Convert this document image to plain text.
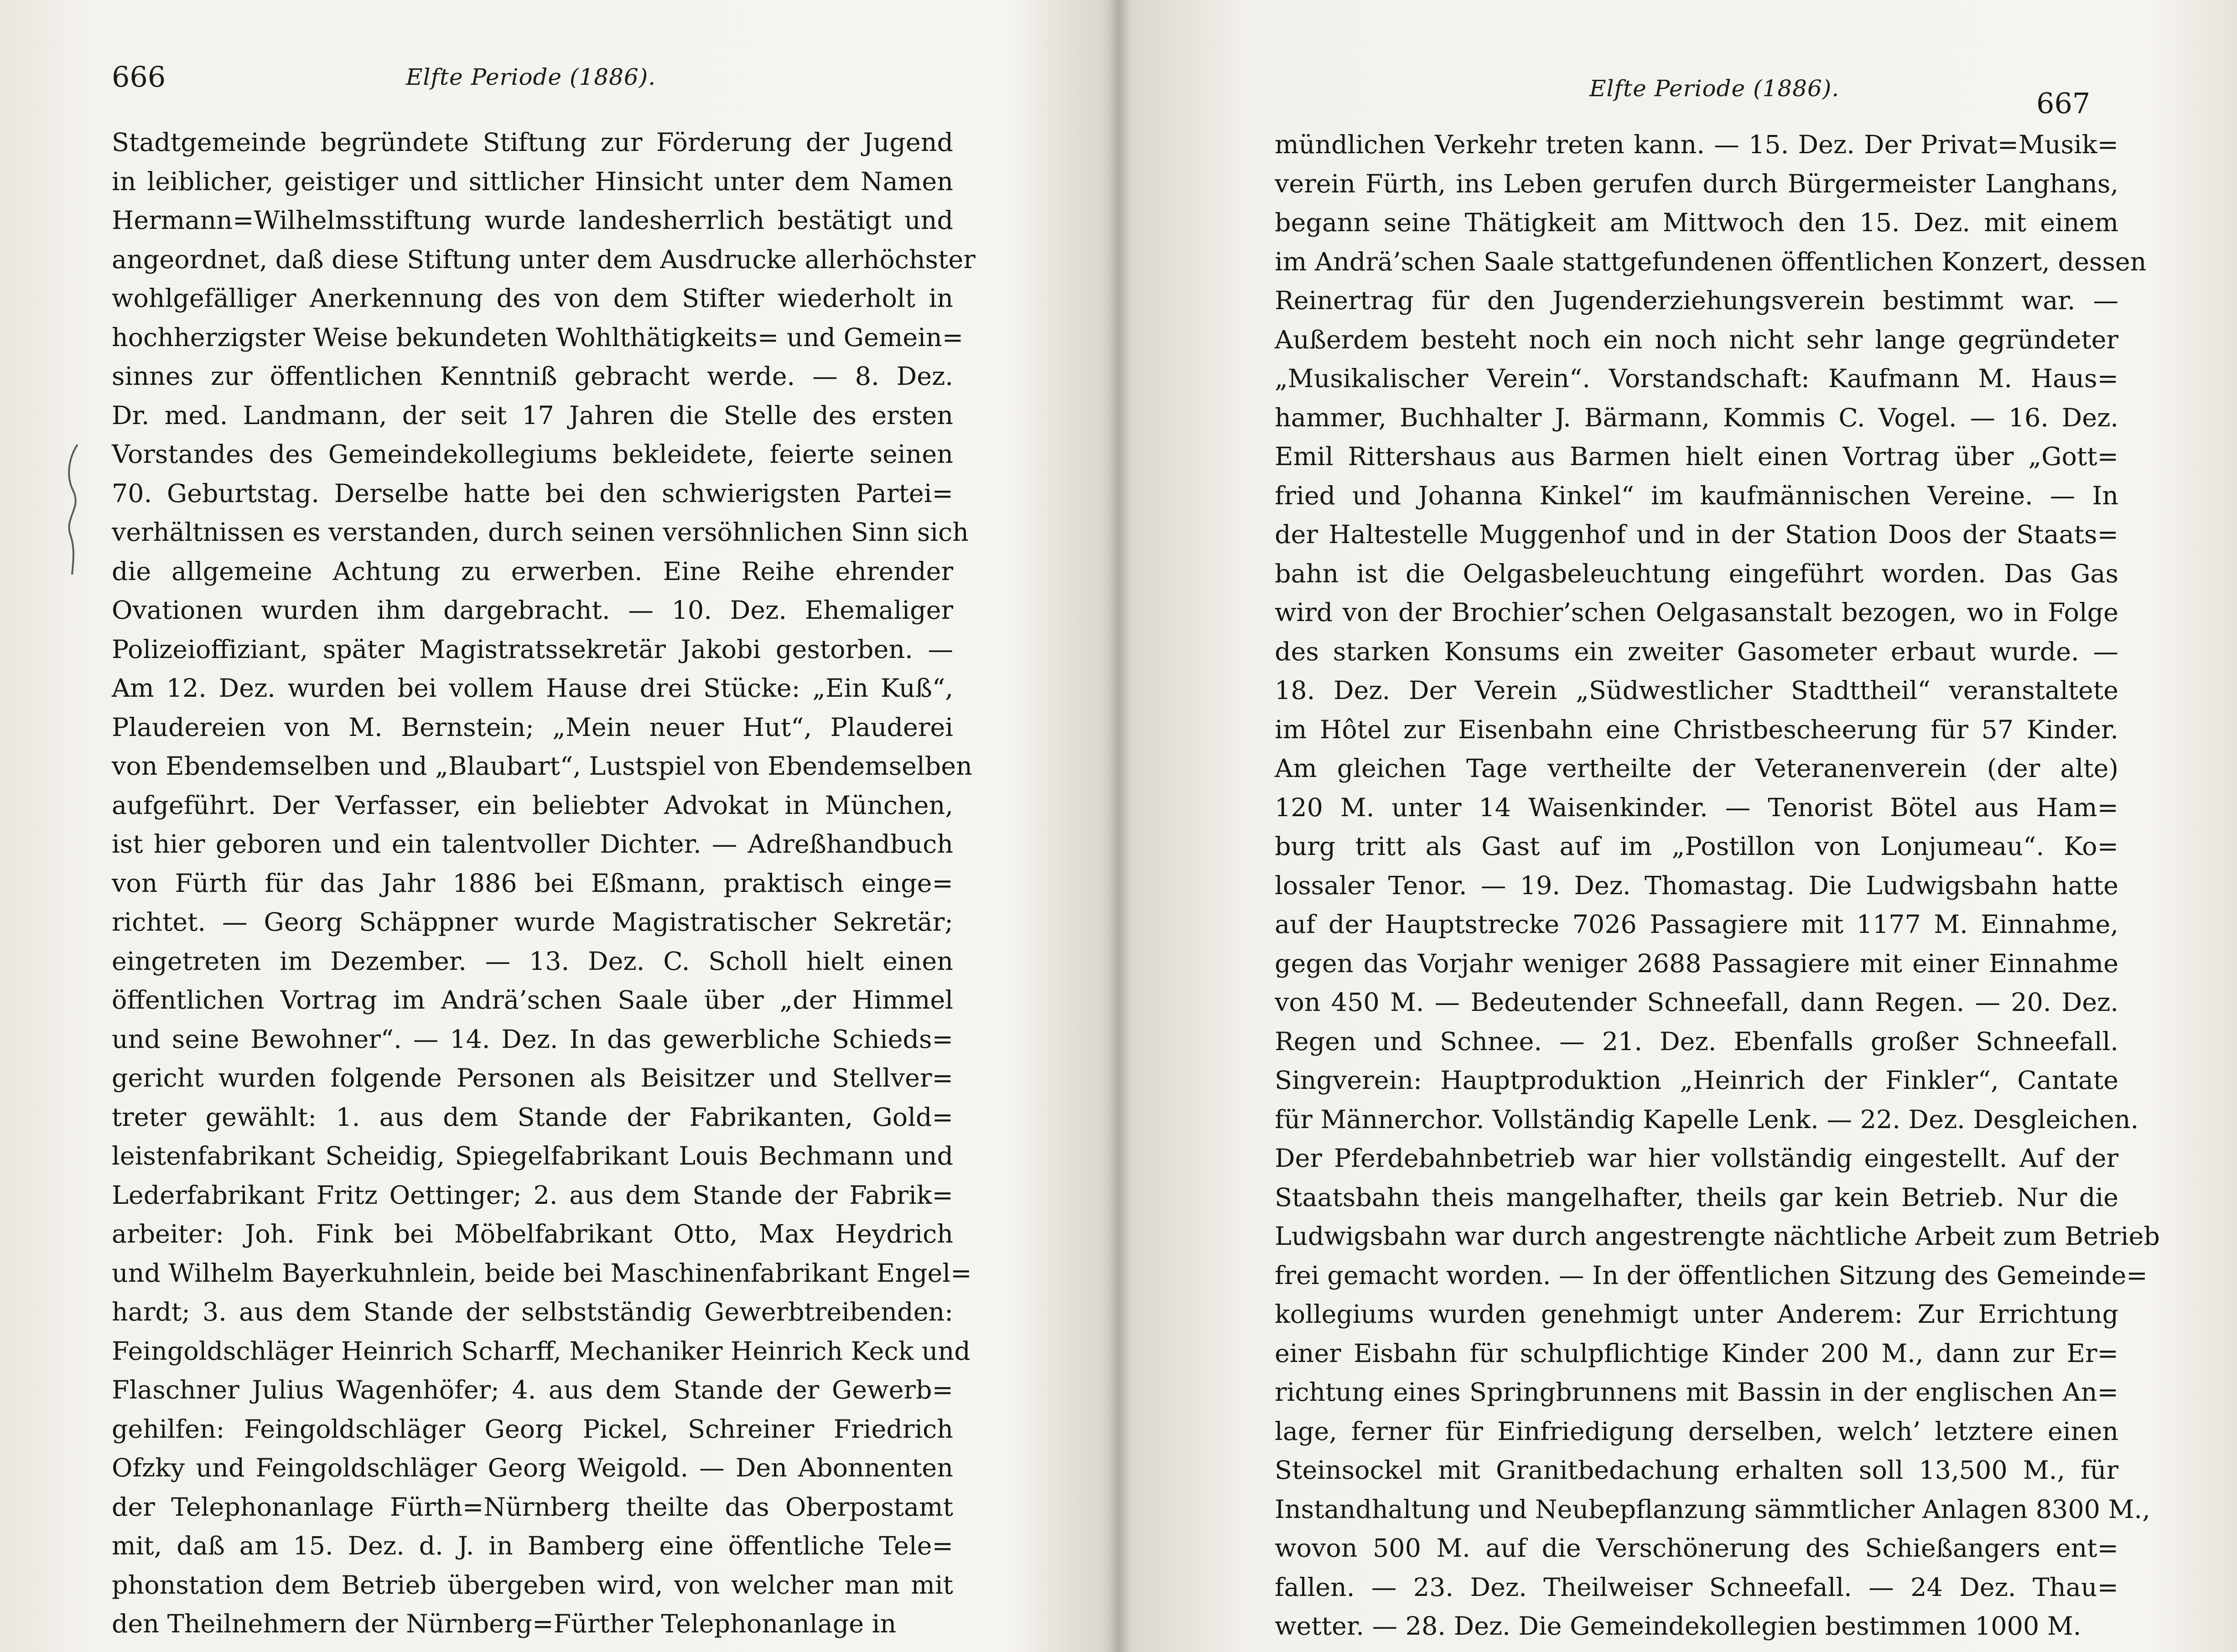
666	Elfte Periode (1886).
Stadtgemeinde begründete Stiftung zur Förderung der Jugend
in leiblicher, geistiger und sittlicher Hinsicht unter dem Namen
Hermann=Wilhelmsstiftung wurde landesherrlich bestätigt und
angeordnet, daß diese Stiftung unter dem Ausdrucke allerhöchster
wohlgefälliger Anerkennung des von dem Stifter wiederholt in
hochherzigster Weise bekundeten Wohlthätigkeits= und Gemein=
sinnes zur öffentlichen Kenntniß gebracht werde. — 8. Dez.
Dr. med. Landmann, der seit 17 Jahren die Stelle des ersten
Vorstandes des Gemeindekollegiums bekleidete, feierte seinen
70. Geburtstag. Derselbe hatte bei den schwierigsten Partei=
verhältnissen es verstanden, durch seinen versöhnlichen Sinn sich
die allgemeine Achtung zu erwerben. Eine Reihe ehrender
Ovationen wurden ihm dargebracht. — 10. Dez. Ehemaliger
Polizeioffiziant, später Magistratssekretär Jakobi gestorben. —
Am 12. Dez. wurden bei vollem Hause drei Stücke: „Ein Kuß“,
Plaudereien von M. Bernstein; „Mein neuer Hut“, Plauderei
von Ebendemselben und „Blaubart“, Lustspiel von Ebendemselben
aufgeführt. Der Verfasser, ein beliebter Advokat in München,
ist hier geboren und ein talentvoller Dichter. — Adreßhandbuch
von Fürth für das Jahr 1886 bei Eßmann, praktisch einge=
richtet. — Georg Schäppner wurde Magistratischer Sekretär;
eingetreten im Dezember. — 13. Dez. C. Scholl hielt einen
öffentlichen Vortrag im Andrä’schen Saale über „der Himmel
und seine Bewohner“. — 14. Dez. In das gewerbliche Schieds=
gericht wurden folgende Personen als Beisitzer und Stellver=
treter gewählt: 1. aus dem Stande der Fabrikanten, Gold=
leistenfabrikant Scheidig, Spiegelfabrikant Louis Bechmann und
Lederfabrikant Fritz Oettinger; 2. aus dem Stande der Fabrik=
arbeiter: Joh. Fink bei Möbelfabrikant Otto, Max Heydrich
und Wilhelm Bayerkuhnlein, beide bei Maschinenfabrikant Engel=
hardt; 3. aus dem Stande der selbstständig Gewerbtreibenden:
Feingoldschläger Heinrich Scharff, Mechaniker Heinrich Keck und
Flaschner Julius Wagenhöfer; 4. aus dem Stande der Gewerb=
gehilfen: Feingoldschläger Georg Pickel, Schreiner Friedrich
Ofzky und Feingoldschläger Georg Weigold. — Den Abonnenten
der Telephonanlage Fürth=Nürnberg theilte das Oberpostamt
mit, daß am 15. Dez. d. J. in Bamberg eine öffentliche Tele=
phonstation dem Betrieb übergeben wird, von welcher man mit
den Theilnehmern der Nürnberg=Fürther Telephonanlage in
Elfte Periode (1886).	667
mündlichen Verkehr treten kann. — 15. Dez. Der Privat=Musik=
verein Fürth, ins Leben gerufen durch Bürgermeister Langhans,
begann seine Thätigkeit am Mittwoch den 15. Dez. mit einem
im Andrä’schen Saale stattgefundenen öffentlichen Konzert, dessen
Reinertrag für den Jugenderziehungsverein bestimmt war. —
Außerdem besteht noch ein noch nicht sehr lange gegründeter
„Musikalischer Verein“. Vorstandschaft: Kaufmann M. Haus=
hammer, Buchhalter J. Bärmann, Kommis C. Vogel. — 16. Dez.
Emil Rittershaus aus Barmen hielt einen Vortrag über „Gott=
fried und Johanna Kinkel“ im kaufmännischen Vereine. — In
der Haltestelle Muggenhof und in der Station Doos der Staats=
bahn ist die Oelgasbeleuchtung eingeführt worden. Das Gas
wird von der Brochier’schen Oelgasanstalt bezogen, wo in Folge
des starken Konsums ein zweiter Gasometer erbaut wurde. —
18. Dez. Der Verein „Südwestlicher Stadttheil“ veranstaltete
im Hôtel zur Eisenbahn eine Christbescheerung für 57 Kinder.
Am gleichen Tage vertheilte der Veteranenverein (der alte)
120 M. unter 14 Waisenkinder. — Tenorist Bötel aus Ham=
burg tritt als Gast auf im „Postillon von Lonjumeau“. Ko=
lossaler Tenor. — 19. Dez. Thomastag. Die Ludwigsbahn hatte
auf der Hauptstrecke 7026 Passagiere mit 1177 M. Einnahme,
gegen das Vorjahr weniger 2688 Passagiere mit einer Einnahme
von 450 M. — Bedeutender Schneefall, dann Regen. — 20. Dez.
Regen und Schnee. — 21. Dez. Ebenfalls großer Schneefall.
Singverein: Hauptproduktion „Heinrich der Finkler“, Cantate
für Männerchor. Vollständig Kapelle Lenk. — 22. Dez. Desgleichen.
Der Pferdebahnbetrieb war hier vollständig eingestellt. Auf der
Staatsbahn theis mangelhafter, theils gar kein Betrieb. Nur die
Ludwigsbahn war durch angestrengte nächtliche Arbeit zum Betrieb
frei gemacht worden. — In der öffentlichen Sitzung des Gemeinde=
kollegiums wurden genehmigt unter Anderem: Zur Errichtung
einer Eisbahn für schulpflichtige Kinder 200 M., dann zur Er=
richtung eines Springbrunnens mit Bassin in der englischen An=
lage, ferner für Einfriedigung derselben, welch’ letztere einen
Steinsockel mit Granitbedachung erhalten soll 13,500 M., für
Instandhaltung und Neubepflanzung sämmtlicher Anlagen 8300 M.,
wovon 500 M. auf die Verschönerung des Schießangers ent=
fallen. — 23. Dez. Theilweiser Schneefall. — 24 Dez. Thau=
wetter. — 28. Dez. Die Gemeindekollegien bestimmen 1000 M.
